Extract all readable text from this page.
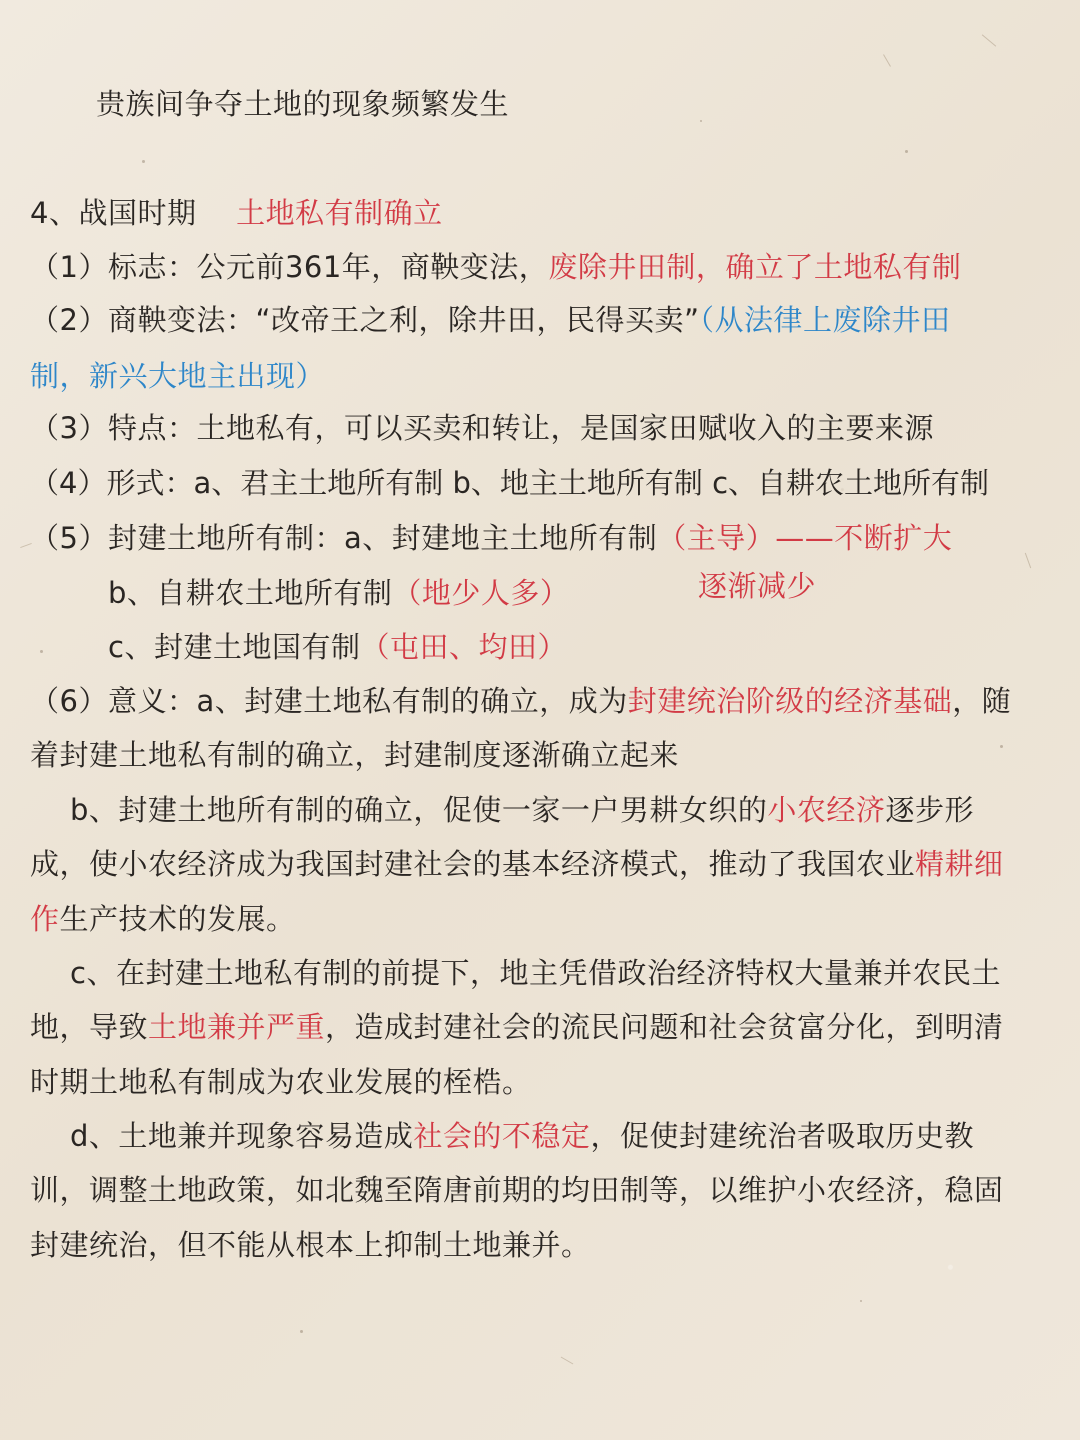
贵族间争夺土地的现象频繁发生
4、战国时期 土地私有制确立
（1）标志：公元前361年，商鞅变法，废除井田制，确立了土地私有制
（2）商鞅变法：“改帝王之利，除井田，民得买卖”（从法律上废除井田
制，新兴大地主出现）
（3）特点：土地私有，可以买卖和转让，是国家田赋收入的主要来源
（4）形式：a、君主土地所有制 b、地主土地所有制 c、自耕农土地所有制
（5）封建土地所有制：a、封建地主土地所有制（主导）——不断扩大
b、自耕农土地所有制（地少人多）	逐渐减少
c、封建土地国有制（屯田、均田）
（6）意义：a、封建土地私有制的确立，成为封建统治阶级的经济基础，随
着封建土地私有制的确立，封建制度逐渐确立起来
b、封建土地所有制的确立，促使一家一户男耕女织的小农经济逐步形
成，使小农经济成为我国封建社会的基本经济模式，推动了我国农业精耕细
作生产技术的发展。
c、在封建土地私有制的前提下，地主凭借政治经济特权大量兼并农民土
地，导致土地兼并严重，造成封建社会的流民问题和社会贫富分化，到明清
时期土地私有制成为农业发展的桎梏。
d、土地兼并现象容易造成社会的不稳定，促使封建统治者吸取历史教
训，调整土地政策，如北魏至隋唐前期的均田制等，以维护小农经济，稳固
封建统治，但不能从根本上抑制土地兼并。
